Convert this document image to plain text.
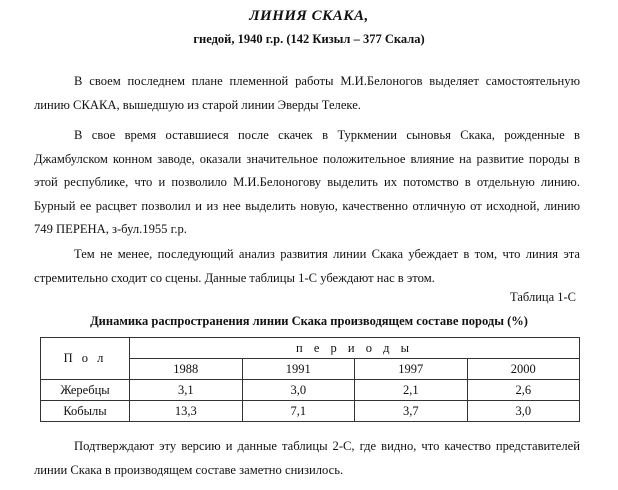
ЛИНИЯ СКАКА,
гнедой, 1940 г.р. (142 Кизыл – 377 Скала)

В своем последнем плане племенной работы М.И.Белоногов выделяет самостоятельную линию СКАКА, вышедшую из старой линии Эверды Телеке.

В свое время оставшиеся после скачек в Туркмении сыновья Скака, рожденные в Джамбулском конном заводе, оказали значительное положительное влияние на развитие породы в этой республике, что и позволило М.И.Белоногову выделить их потомство в отдельную линию. Бурный ее расцвет позволил и из нее выделить новую, качественно отличную от исходной, линию 749 ПЕРЕНА, з-бул.1955 г.р.

Тем не менее, последующий анализ развития линии Скака убеждает в том, что линия эта стремительно сходит со сцены. Данные таблицы 1-С убеждают нас в этом.

Таблица 1-С
Динамика распространения линии Скака производящем составе породы (%)
П о л	п е р и о д ы			
	1988	1991	1997	2000
Жеребцы	3,1	3,0	2,1	2,6
Кобылы	13,3	7,1	3,7	3,0

Подтверждают эту версию и данные таблицы 2-С, где видно, что качество представителей линии Скака в производящем составе заметно снизилось.
